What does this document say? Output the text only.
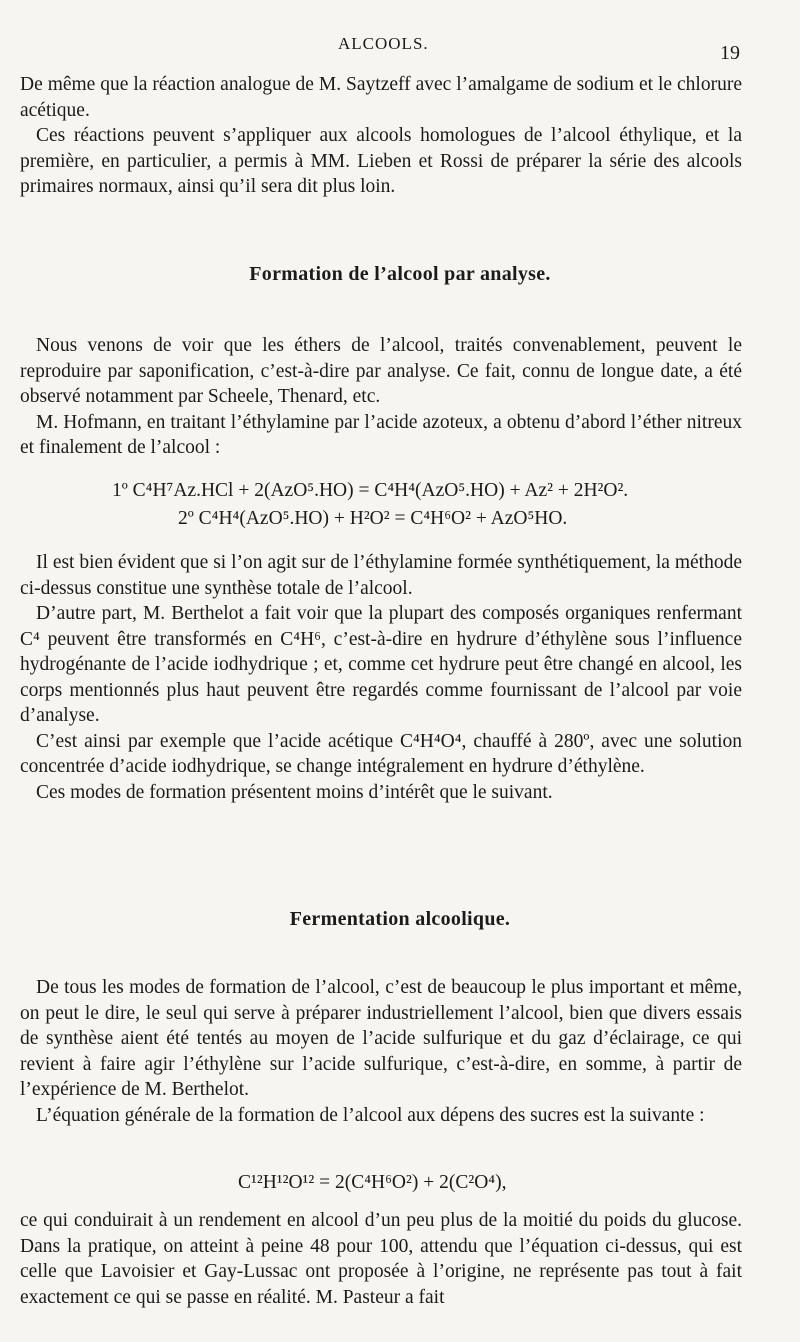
ALCOOLS.	19

De même que la réaction analogue de M. Saytzeff avec l’amalgame de sodium et le chlorure acétique.

Ces réactions peuvent s’appliquer aux alcools homologues de l’alcool éthylique, et la première, en particulier, a permis à MM. Lieben et Rossi de préparer la série des alcools primaires normaux, ainsi qu’il sera dit plus loin.

Formation de l’alcool par analyse.

Nous venons de voir que les éthers de l’alcool, traités convenablement, peuvent le reproduire par saponification, c’est-à-dire par analyse. Ce fait, connu de longue date, a été observé notamment par Scheele, Thenard, etc.

M. Hofmann, en traitant l’éthylamine par l’acide azoteux, a obtenu d’abord l’éther nitreux et finalement de l’alcool :

1º C⁴H⁷Az.HCl + 2(AzO⁵.HO) = C⁴H⁴(AzO⁵.HO) + Az² + 2H²O².
2º C⁴H⁴(AzO⁵.HO) + H²O² = C⁴H⁶O² + AzO⁵HO.

Il est bien évident que si l’on agit sur de l’éthylamine formée synthétiquement, la méthode ci-dessus constitue une synthèse totale de l’alcool.

D’autre part, M. Berthelot a fait voir que la plupart des composés organiques renfermant C⁴ peuvent être transformés en C⁴H⁶, c’est-à-dire en hydrure d’éthylène sous l’influence hydrogénante de l’acide iodhydrique ; et, comme cet hydrure peut être changé en alcool, les corps mentionnés plus haut peuvent être regardés comme fournissant de l’alcool par voie d’analyse.

C’est ainsi par exemple que l’acide acétique C⁴H⁴O⁴, chauffé à 280º, avec une solution concentrée d’acide iodhydrique, se change intégralement en hydrure d’éthylène.

Ces modes de formation présentent moins d’intérêt que le suivant.

Fermentation alcoolique.

De tous les modes de formation de l’alcool, c’est de beaucoup le plus important et même, on peut le dire, le seul qui serve à préparer industriellement l’alcool, bien que divers essais de synthèse aient été tentés au moyen de l’acide sulfurique et du gaz d’éclairage, ce qui revient à faire agir l’éthylène sur l’acide sulfurique, c’est-à-dire, en somme, à partir de l’expérience de M. Berthelot.

L’équation générale de la formation de l’alcool aux dépens des sucres est la suivante :

C¹²H¹²O¹² = 2(C⁴H⁶O²) + 2(C²O⁴),

ce qui conduirait à un rendement en alcool d’un peu plus de la moitié du poids du glucose. Dans la pratique, on atteint à peine 48 pour 100, attendu que l’équation ci-dessus, qui est celle que Lavoisier et Gay-Lussac ont proposée à l’origine, ne représente pas tout à fait exactement ce qui se passe en réalité. M. Pasteur a fait
